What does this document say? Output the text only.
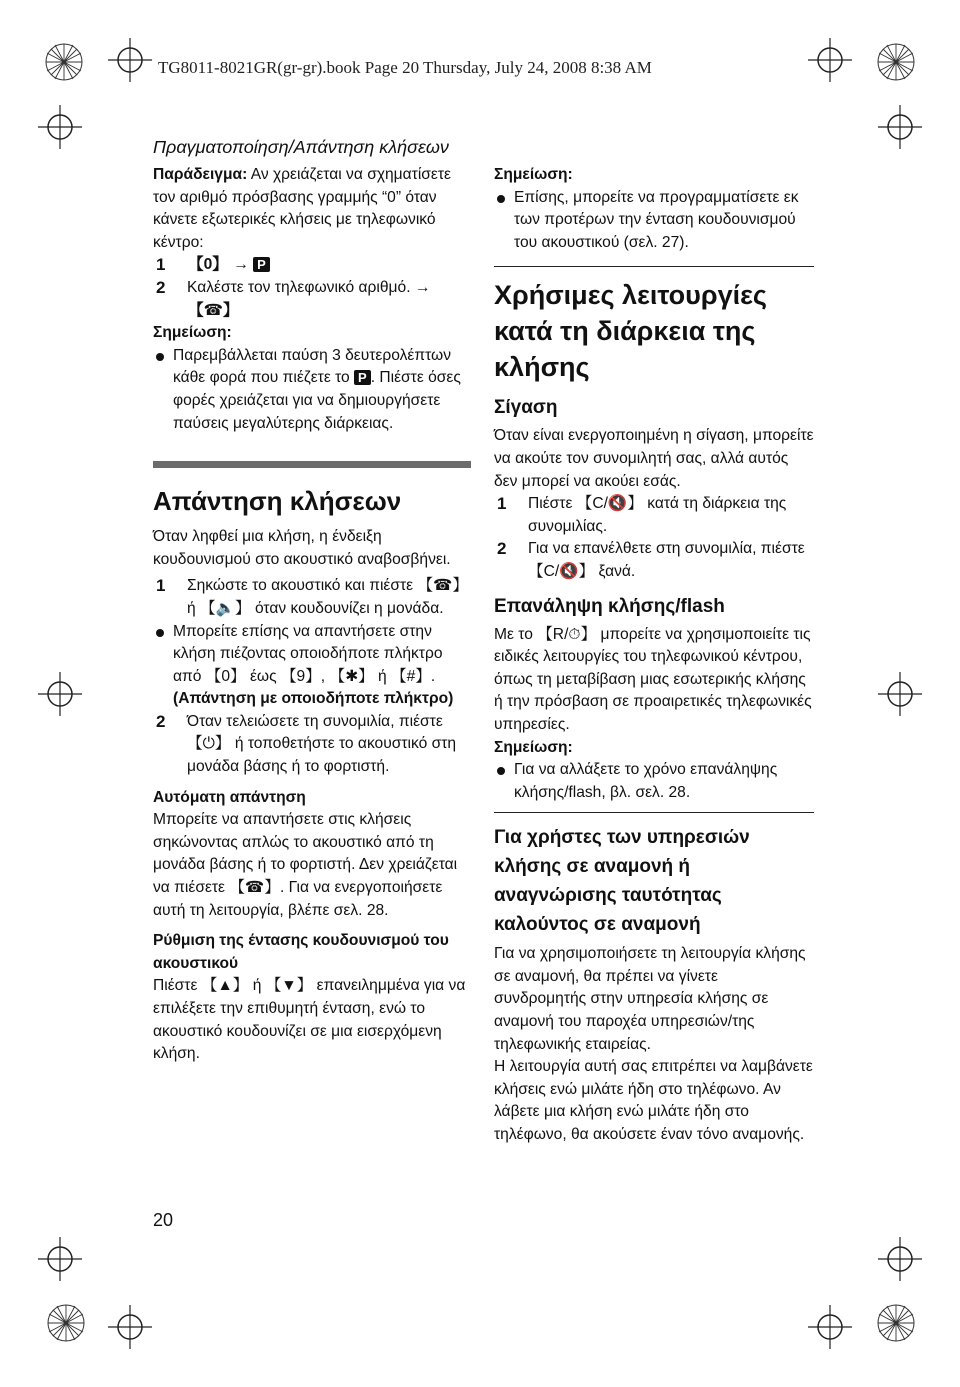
TG8011-8021GR(gr-gr).book Page 20 Thursday, July 24, 2008 8:38 AM

Πραγματοποίηση/Απάντηση κλήσεων

Παράδειγμα: Αν χρειάζεται να σχηματίσετε τον αριθμό πρόσβασης γραμμής “0” όταν κάνετε εξωτερικές κλήσεις με τηλεφωνικό κέντρο:

1 【0】 → P

2 Καλέστε τον τηλεφωνικό αριθμό. →
【☎】

Σημείωση:

Παρεμβάλλεται παύση 3 δευτερολέπτων κάθε φορά που πιέζετε το P . Πιέστε όσες φορές χρειάζεται για να δημιουργήσετε παύσεις μεγαλύτερης διάρκειας.

Απάντηση κλήσεων

Όταν ληφθεί μια κλήση, η ένδειξη κουδουνισμού στο ακουστικό αναβοσβήνει.

1 Σηκώστε το ακουστικό και πιέστε 【☎】 ή 【🔈】 όταν κουδουνίζει η μονάδα.

Μπορείτε επίσης να απαντήσετε στην κλήση πιέζοντας οποιοδήποτε πλήκτρο από 【0】 έως 【9】, 【✱】 ή 【#】.
(Απάντηση με οποιοδήποτε πλήκτρο)

2 Όταν τελειώσετε τη συνομιλία, πιέστε 【⏻】 ή τοποθετήστε το ακουστικό στη μονάδα βάσης ή το φορτιστή.

Αυτόματη απάντηση

Μπορείτε να απαντήσετε στις κλήσεις σηκώνοντας απλώς το ακουστικό από τη μονάδα βάσης ή το φορτιστή. Δεν χρειάζεται να πιέσετε 【☎】. Για να ενεργοποιήσετε αυτή τη λειτουργία, βλέπε σελ. 28.

Ρύθμιση της έντασης κουδουνισμού του ακουστικού

Πιέστε 【▲】 ή 【▼】 επανειλημμένα για να επιλέξετε την επιθυμητή ένταση, ενώ το ακουστικό κουδουνίζει σε μια εισερχόμενη κλήση.

Σημείωση:

Επίσης, μπορείτε να προγραμματίσετε εκ των προτέρων την ένταση κουδουνισμού του ακουστικού (σελ. 27).

Χρήσιμες λειτουργίες κατά τη διάρκεια της κλήσης

Σίγαση

Όταν είναι ενεργοποιημένη η σίγαση, μπορείτε να ακούτε τον συνομιλητή σας, αλλά αυτός δεν μπορεί να ακούει εσάς.

1 Πιέστε 【C/🔇】 κατά τη διάρκεια της συνομιλίας.

2 Για να επανέλθετε στη συνομιλία, πιέστε 【C/🔇】 ξανά.

Επανάληψη κλήσης/flash

Με το 【R/⏱】 μπορείτε να χρησιμοποιείτε τις ειδικές λειτουργίες του τηλεφωνικού κέντρου, όπως τη μεταβίβαση μιας εσωτερικής κλήσης ή την πρόσβαση σε προαιρετικές τηλεφωνικές υπηρεσίες.

Σημείωση:

Για να αλλάξετε το χρόνο επανάληψης κλήσης/flash, βλ. σελ. 28.

Για χρήστες των υπηρεσιών κλήσης σε αναμονή ή αναγνώρισης ταυτότητας καλούντος σε αναμονή

Για να χρησιμοποιήσετε τη λειτουργία κλήσης σε αναμονή, θα πρέπει να γίνετε συνδρομητής στην υπηρεσία κλήσης σε αναμονή του παροχέα υπηρεσιών/της τηλεφωνικής εταιρείας.

Η λειτουργία αυτή σας επιτρέπει να λαμβάνετε κλήσεις ενώ μιλάτε ήδη στο τηλέφωνο. Αν λάβετε μια κλήση ενώ μιλάτε ήδη στο τηλέφωνο, θα ακούσετε έναν τόνο αναμονής.

20
